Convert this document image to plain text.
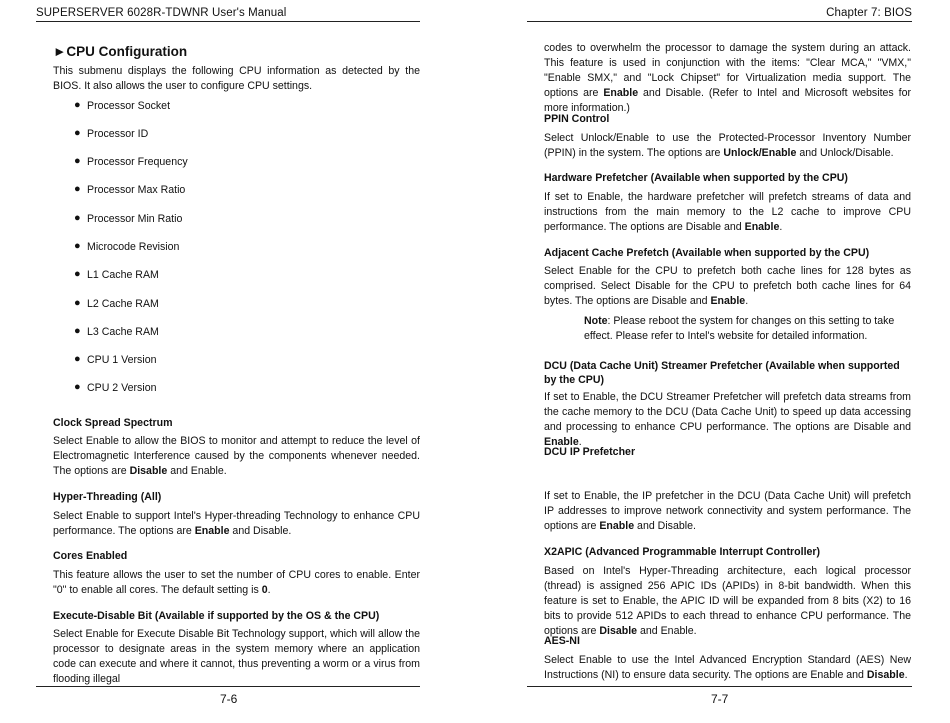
SUPERSERVER 6028R-TDWNR User's Manual
►CPU Configuration
This submenu displays the following CPU information as detected by the BIOS. It also allows the user to configure CPU settings.
● Processor Socket
● Processor ID
● Processor Frequency
● Processor Max Ratio
● Processor Min Ratio
● Microcode Revision
● L1 Cache RAM
● L2 Cache RAM
● L3 Cache RAM
● CPU 1 Version
● CPU 2 Version
Clock Spread Spectrum
Select Enable to allow the BIOS to monitor and attempt to reduce the level of Electromagnetic Interference caused by the components whenever needed. The options are Disable and Enable.
Hyper-Threading (All)
Select Enable to support Intel's Hyper-threading Technology to enhance CPU performance. The options are Enable and Disable.
Cores Enabled
This feature allows the user to set the number of CPU cores to enable. Enter "0" to enable all cores. The default setting is 0.
Execute-Disable Bit (Available if supported by the OS & the CPU)
Select Enable for Execute Disable Bit Technology support, which will allow the processor to designate areas in the system memory where an application code can execute and where it cannot, thus preventing a worm or a virus from flooding illegal
7-6
Chapter 7: BIOS
codes to overwhelm the processor to damage the system during an attack. This feature is used in conjunction with the items: "Clear MCA," "VMX," "Enable SMX," and "Lock Chipset" for Virtualization media support. The options are Enable and Disable. (Refer to Intel and Microsoft websites for more information.)
PPIN Control
Select Unlock/Enable to use the Protected-Processor Inventory Number (PPIN) in the system. The options are Unlock/Enable and Unlock/Disable.
Hardware Prefetcher (Available when supported by the CPU)
If set to Enable, the hardware prefetcher will prefetch streams of data and instructions from the main memory to the L2 cache to improve CPU performance. The options are Disable and Enable.
Adjacent Cache Prefetch (Available when supported by the CPU)
Select Enable for the CPU to prefetch both cache lines for 128 bytes as comprised. Select Disable for the CPU to prefetch both cache lines for 64 bytes. The options are Disable and Enable.
Note: Please reboot the system for changes on this setting to take effect. Please refer to Intel's website for detailed information.
DCU (Data Cache Unit) Streamer Prefetcher (Available when supported by the CPU)
If set to Enable, the DCU Streamer Prefetcher will prefetch data streams from the cache memory to the DCU (Data Cache Unit) to speed up data accessing and processing to enhance CPU performance. The options are Disable and Enable.
DCU IP Prefetcher
If set to Enable, the IP prefetcher in the DCU (Data Cache Unit) will prefetch IP addresses to improve network connectivity and system performance. The options are Enable and Disable.
X2APIC (Advanced Programmable Interrupt Controller)
Based on Intel's Hyper-Threading architecture, each logical processor (thread) is assigned 256 APIC IDs (APIDs) in 8-bit bandwidth. When this feature is set to Enable, the APIC ID will be expanded from 8 bits (X2) to 16 bits to provide 512 APIDs to each thread to enhance CPU performance. The options are Disable and Enable.
AES-NI
Select Enable to use the Intel Advanced Encryption Standard (AES) New Instructions (NI) to ensure data security. The options are Enable and Disable.
7-7
